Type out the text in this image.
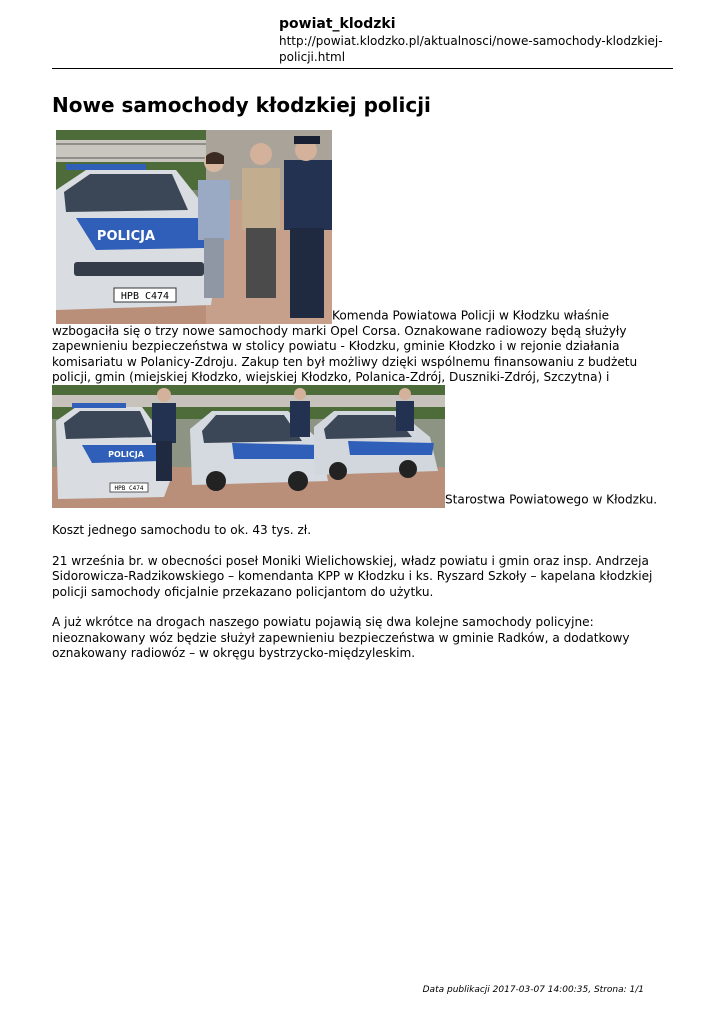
powiat_klodzki
http://powiat.klodzko.pl/aktualnosci/nowe-samochody-klodzkiej-policji.html
Nowe samochody kłodzkiej policji

HPB C474
POLICJA
Komenda Powiatowa Policji w Kłodzku właśnie wzbogaciła się o trzy nowe samochody marki Opel Corsa. Oznakowane radiowozy będą służyły zapewnieniu bezpieczeństwa w stolicy powiatu - Kłodzku, gminie Kłodzko i w rejonie działania komisariatu w Polanicy-Zdroju. Zakup ten był możliwy dzięki wspólnemu finansowaniu z budżetu policji, gmin (miejskiej Kłodzko, wiejskiej Kłodzko, Polanica-Zdrój, Duszniki-Zdrój, Szczytna) i
HPB C474
POLICJA
Starostwa Powiatowego w Kłodzku.

Koszt jednego samochodu to ok. 43 tys. zł.

21 września br. w obecności poseł Moniki Wielichowskiej, władz powiatu i gmin oraz insp. Andrzeja Sidorowicza-Radzikowskiego – komendanta KPP w Kłodzku i ks. Ryszard Szkoły – kapelana kłodzkiej policji samochody oficjalnie przekazano policjantom do użytku.

A już wkrótce na drogach naszego powiatu pojawią się dwa kolejne samochody policyjne: nieoznakowany wóz będzie służył zapewnieniu bezpieczeństwa w gminie Radków, a dodatkowy oznakowany radiowóz – w okręgu bystrzycko-międzyleskim.

Data publikacji 2017-03-07 14:00:35, Strona: 1/1
